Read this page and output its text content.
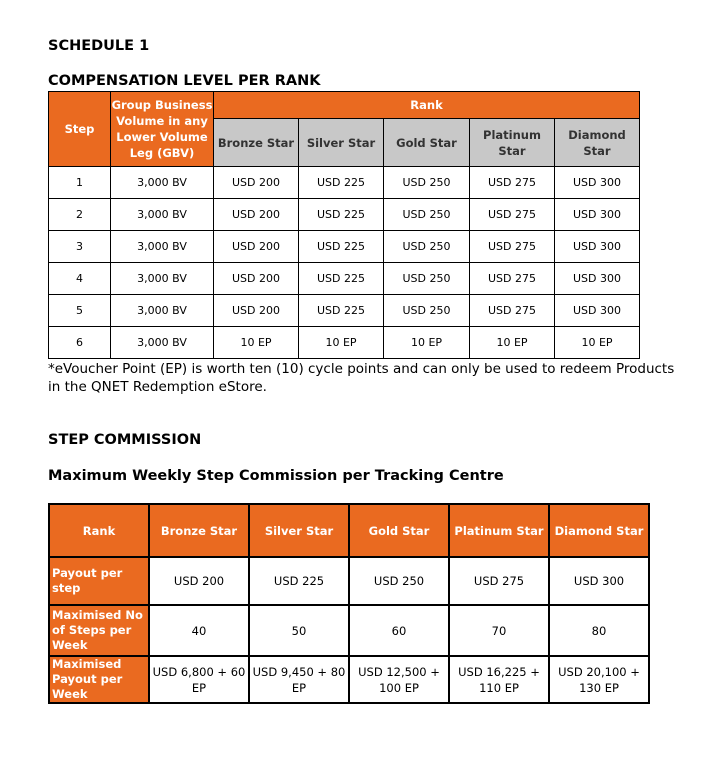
SCHEDULE 1

COMPENSATION LEVEL PER RANK

Step	Group Business Volume in any Lower Volume Leg (GBV)	Rank				
		Bronze Star	Silver Star	Gold Star	Platinum Star	Diamond Star
1	3,000 BV	USD 200	USD 225	USD 250	USD 275	USD 300
2	3,000 BV	USD 200	USD 225	USD 250	USD 275	USD 300
3	3,000 BV	USD 200	USD 225	USD 250	USD 275	USD 300
4	3,000 BV	USD 200	USD 225	USD 250	USD 275	USD 300
5	3,000 BV	USD 200	USD 225	USD 250	USD 275	USD 300
6	3,000 BV	10 EP	10 EP	10 EP	10 EP	10 EP

*eVoucher Point (EP) is worth ten (10) cycle points and can only be used to redeem Products in the QNET Redemption eStore.

STEP COMMISSION

Maximum Weekly Step Commission per Tracking Centre

Rank	Bronze Star	Silver Star	Gold Star	Platinum Star	Diamond Star
Payout per step	USD 200	USD 225	USD 250	USD 275	USD 300
Maximised No of Steps per Week	40	50	60	70	80
Maximised Payout per Week	USD 6,800 + 60 EP	USD 9,450 + 80 EP	USD 12,500 + 100 EP	USD 16,225 + 110 EP	USD 20,100 + 130 EP
